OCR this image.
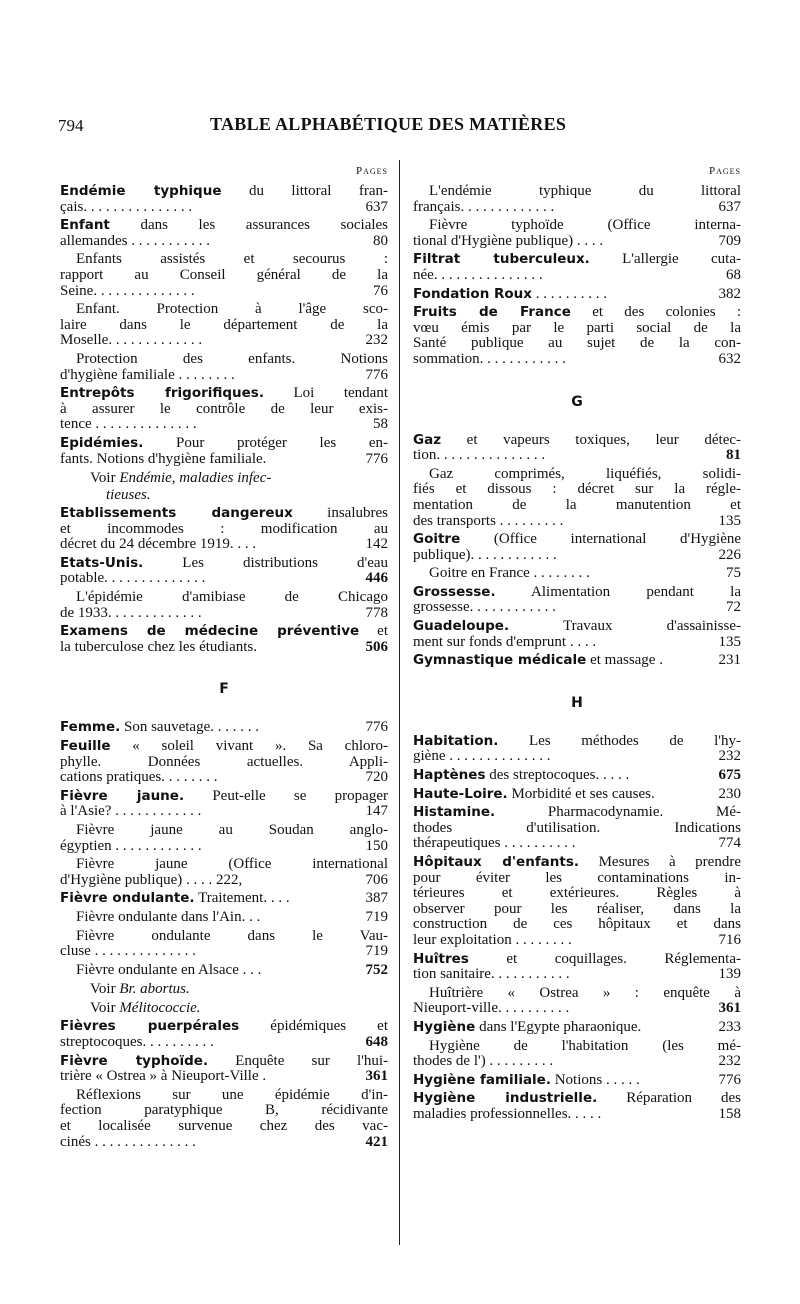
794	TABLE ALPHABÉTIQUE DES MATIÈRES
Pages
Endémie typhique du littoral fran-
çais. . . . . . . . . . . . . . .	637
Enfant dans les assurances sociales
allemandes . . . . . . . . . . .	80
Enfants assistés et secourus :
rapport au Conseil général de la
Seine. . . . . . . . . . . . . .	76
Enfant. Protection à l'âge sco-
laire dans le département de la
Moselle. . . . . . . . . . . . .	232
Protection des enfants. Notions
d'hygiène familiale . . . . . . . .	776
Entrepôts frigorifiques. Loi tendant
à assurer le contrôle de leur exis-
tence . . . . . . . . . . . . . .	58
Epidémies. Pour protéger les en-
fants. Notions d'hygiène familiale.	776
Voir Endémie, maladies infec-
tieuses.
Etablissements dangereux insalubres
et incommodes : modification au
décret du 24 décembre 1919. . . .	142
Etats-Unis.	Les distributions d'eau
potable. . . . . . . . . . . . . .	446
L'épidémie d'amibiase de Chicago
de 1933. . . . . . . . . . . . .	778
Examens de médecine préventive et
la tuberculose chez les étudiants.	506
F
Femme. Son sauvetage. . . . . . .	776
Feuille « soleil vivant ». Sa chloro-
phylle. Données actuelles. Appli-
cations pratiques. . . . . . . .	720
Fièvre jaune. Peut-elle se propager
à l'Asie? . . . . . . . . . . . .	147
Fièvre jaune au Soudan anglo-
égyptien . . . . . . . . . . . .	150
Fièvre jaune (Office international
d'Hygiène publique) . . . . 222,	706
Fièvre ondulante. Traitement. . . .	387
Fièvre ondulante dans l'Ain. . .	719
Fièvre ondulante dans le Vau-
cluse . . . . . . . . . . . . . .	719
Fièvre ondulante en Alsace . . .	752
Voir Br. abortus.
Voir Mélitococcie.
Fièvres puerpérales épidémiques et
streptocoques. . . . . . . . . .	648
Fièvre typhoïde. Enquête sur l'hui-
trière « Ostrea » à Nieuport-Ville .	361
Réflexions sur une épidémie d'in-
fection paratyphique B, récidivante
et localisée survenue chez des vac-
cinés . . . . . . . . . . . . . .	421
Pages
L'endémie typhique du littoral
français. . . . . . . . . . . . .	637
Fièvre typhoïde (Office interna-
tional d'Hygiène publique) . . . .	709
Filtrat tuberculeux. L'allergie cuta-
née. . . . . . . . . . . . . . .	68
Fondation Roux . . . . . . . . . .	382
Fruits de France et des colonies :
vœu émis par le parti social de la
Santé publique au sujet de la con-
sommation. . . . . . . . . . . .	632
G
Gaz et vapeurs toxiques, leur détec-
tion. . . . . . . . . . . . . . .	81
Gaz comprimés, liquéfiés, solidi-
fiés et dissous : décret sur la régle-
mentation de la manutention et
des transports . . . . . . . . .	135
Goitre (Office international d'Hygiène
publique). . . . . . . . . . . .	226
Goitre en France . . . . . . . .	75
Grossesse. Alimentation pendant la
grossesse. . . . . . . . . . . .	72
Guadeloupe.	Travaux d'assainisse-
ment sur fonds d'emprunt . . . .	135
Gymnastique médicale et massage .	231
H
Habitation. Les méthodes de l'hy-
giène . . . . . . . . . . . . . .	232
Haptènes des streptocoques. . . . .	675
Haute-Loire. Morbidité et ses causes.	230
Histamine.	Pharmacodynamie. Mé-
thodes d'utilisation. Indications
thérapeutiques . . . . . . . . . .	774
Hôpitaux d'enfants. Mesures à prendre
pour éviter les contaminations in-
térieures et extérieures. Règles à
observer pour les réaliser, dans la
construction de ces hôpitaux et dans
leur exploitation . . . . . . . .	716
Huîtres	et coquillages. Réglementa-
tion sanitaire. . . . . . . . . . .	139
Huîtrière « Ostrea » : enquête à
Nieuport-ville. . . . . . . . . .	361
Hygiène dans l'Egypte pharaonique.	233
Hygiène de l'habitation (les mé-
thodes de l') . . . . . . . . .	232
Hygiène familiale. Notions . . . . .	776
Hygiène industrielle. Réparation des
maladies professionnelles. . . . .	158
